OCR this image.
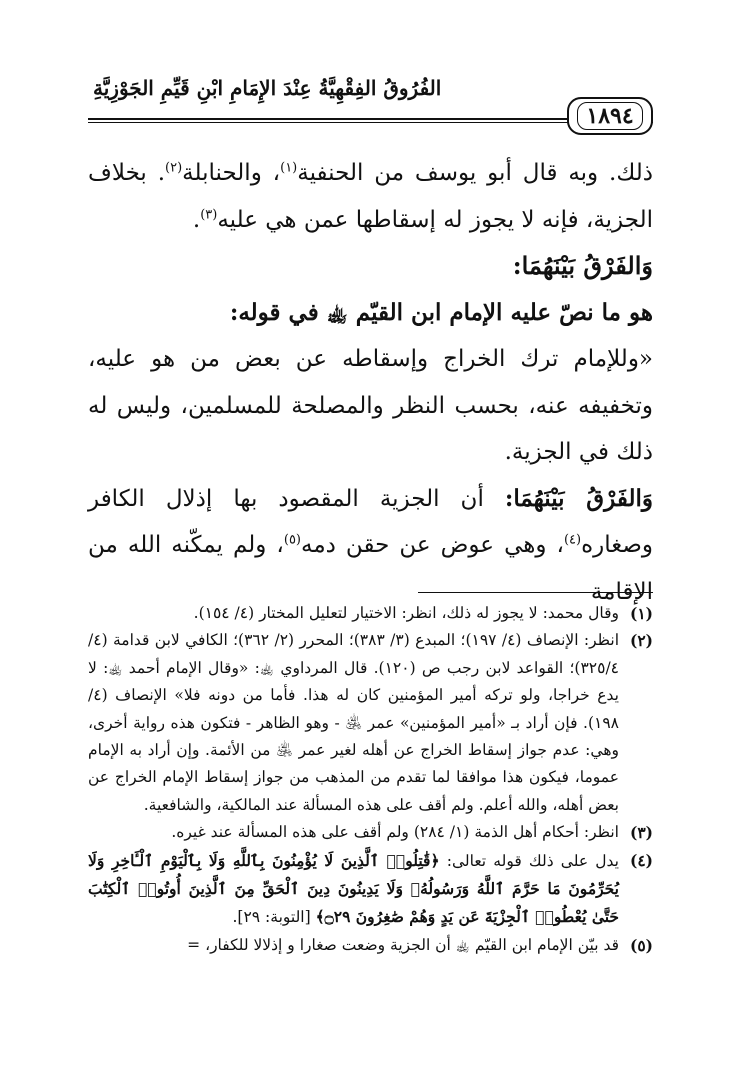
الفُرُوقُ الفِقْهِيَّةُ عِنْدَ الإِمَامِ ابْنِ قَيِّمِ الجَوْزِيَّةِ
١٨٩٤

ذلك. وبه قال أبو يوسف من الحنفية$^{(١)}$، والحنابلة$^{(٢)}$. بخلاف الجزية، فإنه لا يجوز له إسقاطها عمن هي عليه$^{(٣)}$.

وَالفَرْقُ بَيْنَهُمَا:

هو ما نصّ عليه الإمام ابن القيّم ﵀ في قوله:

«وللإمام ترك الخراج وإسقاطه عن بعض من هو عليه، وتخفيفه عنه، بحسب النظر والمصلحة للمسلمين، وليس له ذلك في الجزية.

وَالفَرْقُ بَيْنَهُمَا: أن الجزية المقصود بها إذلال الكافر وصغاره$^{(٤)}$، وهي عوض عن حقن دمه$^{(٥)}$، ولم يمكّنه الله من الإقامة

(١)
وقال محمد: لا يجوز له ذلك، انظر: الاختيار لتعليل المختار (٤/ ١٥٤).
(٢)
انظر: الإنصاف (٤/ ١٩٧)؛ المبدع (٣/ ٣٨٣)؛ المحرر (٢/ ٣٦٢)؛ الكافي لابن قدامة (٤/ ٣٢٥/٤)؛ القواعد لابن رجب ص (١٢٠). قال المرداوي ﵀: «وقال الإمام أحمد ﵀: لا يدع خراجا، ولو تركه أمير المؤمنين كان له هذا. فأما من دونه فلا» الإنصاف (٤/ ١٩٨). فإن أراد بـ «أمير المؤمنين» عمر ﵁ - وهو الظاهر - فتكون هذه رواية أخرى، وهي: عدم جواز إسقاط الخراج عن أهله لغير عمر ﵁ من الأئمة. وإن أراد به الإمام عموما، فيكون هذا موافقا لما تقدم من المذهب من جواز إسقاط الإمام الخراج عن بعض أهله، والله أعلم. ولم أقف على هذه المسألة عند المالكية، والشافعية.
(٣)
انظر: أحكام أهل الذمة (١/ ٢٨٤) ولم أقف على هذه المسألة عند غيره.
(٤)
يدل على ذلك قوله تعالى: ﴿قَٰتِلُوا۟ ٱلَّذِينَ لَا يُؤْمِنُونَ بِٱللَّهِ وَلَا بِٱلْيَوْمِ ٱلْـَٔاخِرِ وَلَا يُحَرِّمُونَ مَا حَرَّمَ ٱللَّهُ وَرَسُولُهُۥ وَلَا يَدِينُونَ دِينَ ٱلْحَقِّ مِنَ ٱلَّذِينَ أُوتُوا۟ ٱلْكِتَٰبَ حَتَّىٰ يُعْطُوا۟ ٱلْجِزْيَةَ عَن يَدٍ وَهُمْ صَٰغِرُونَ ۝٢٩﴾ [التوبة: ٢٩].
(٥)
قد بيّن الإمام ابن القيّم ﵀ أن الجزية وضعت صغارا و إذلالا للكفار، =
